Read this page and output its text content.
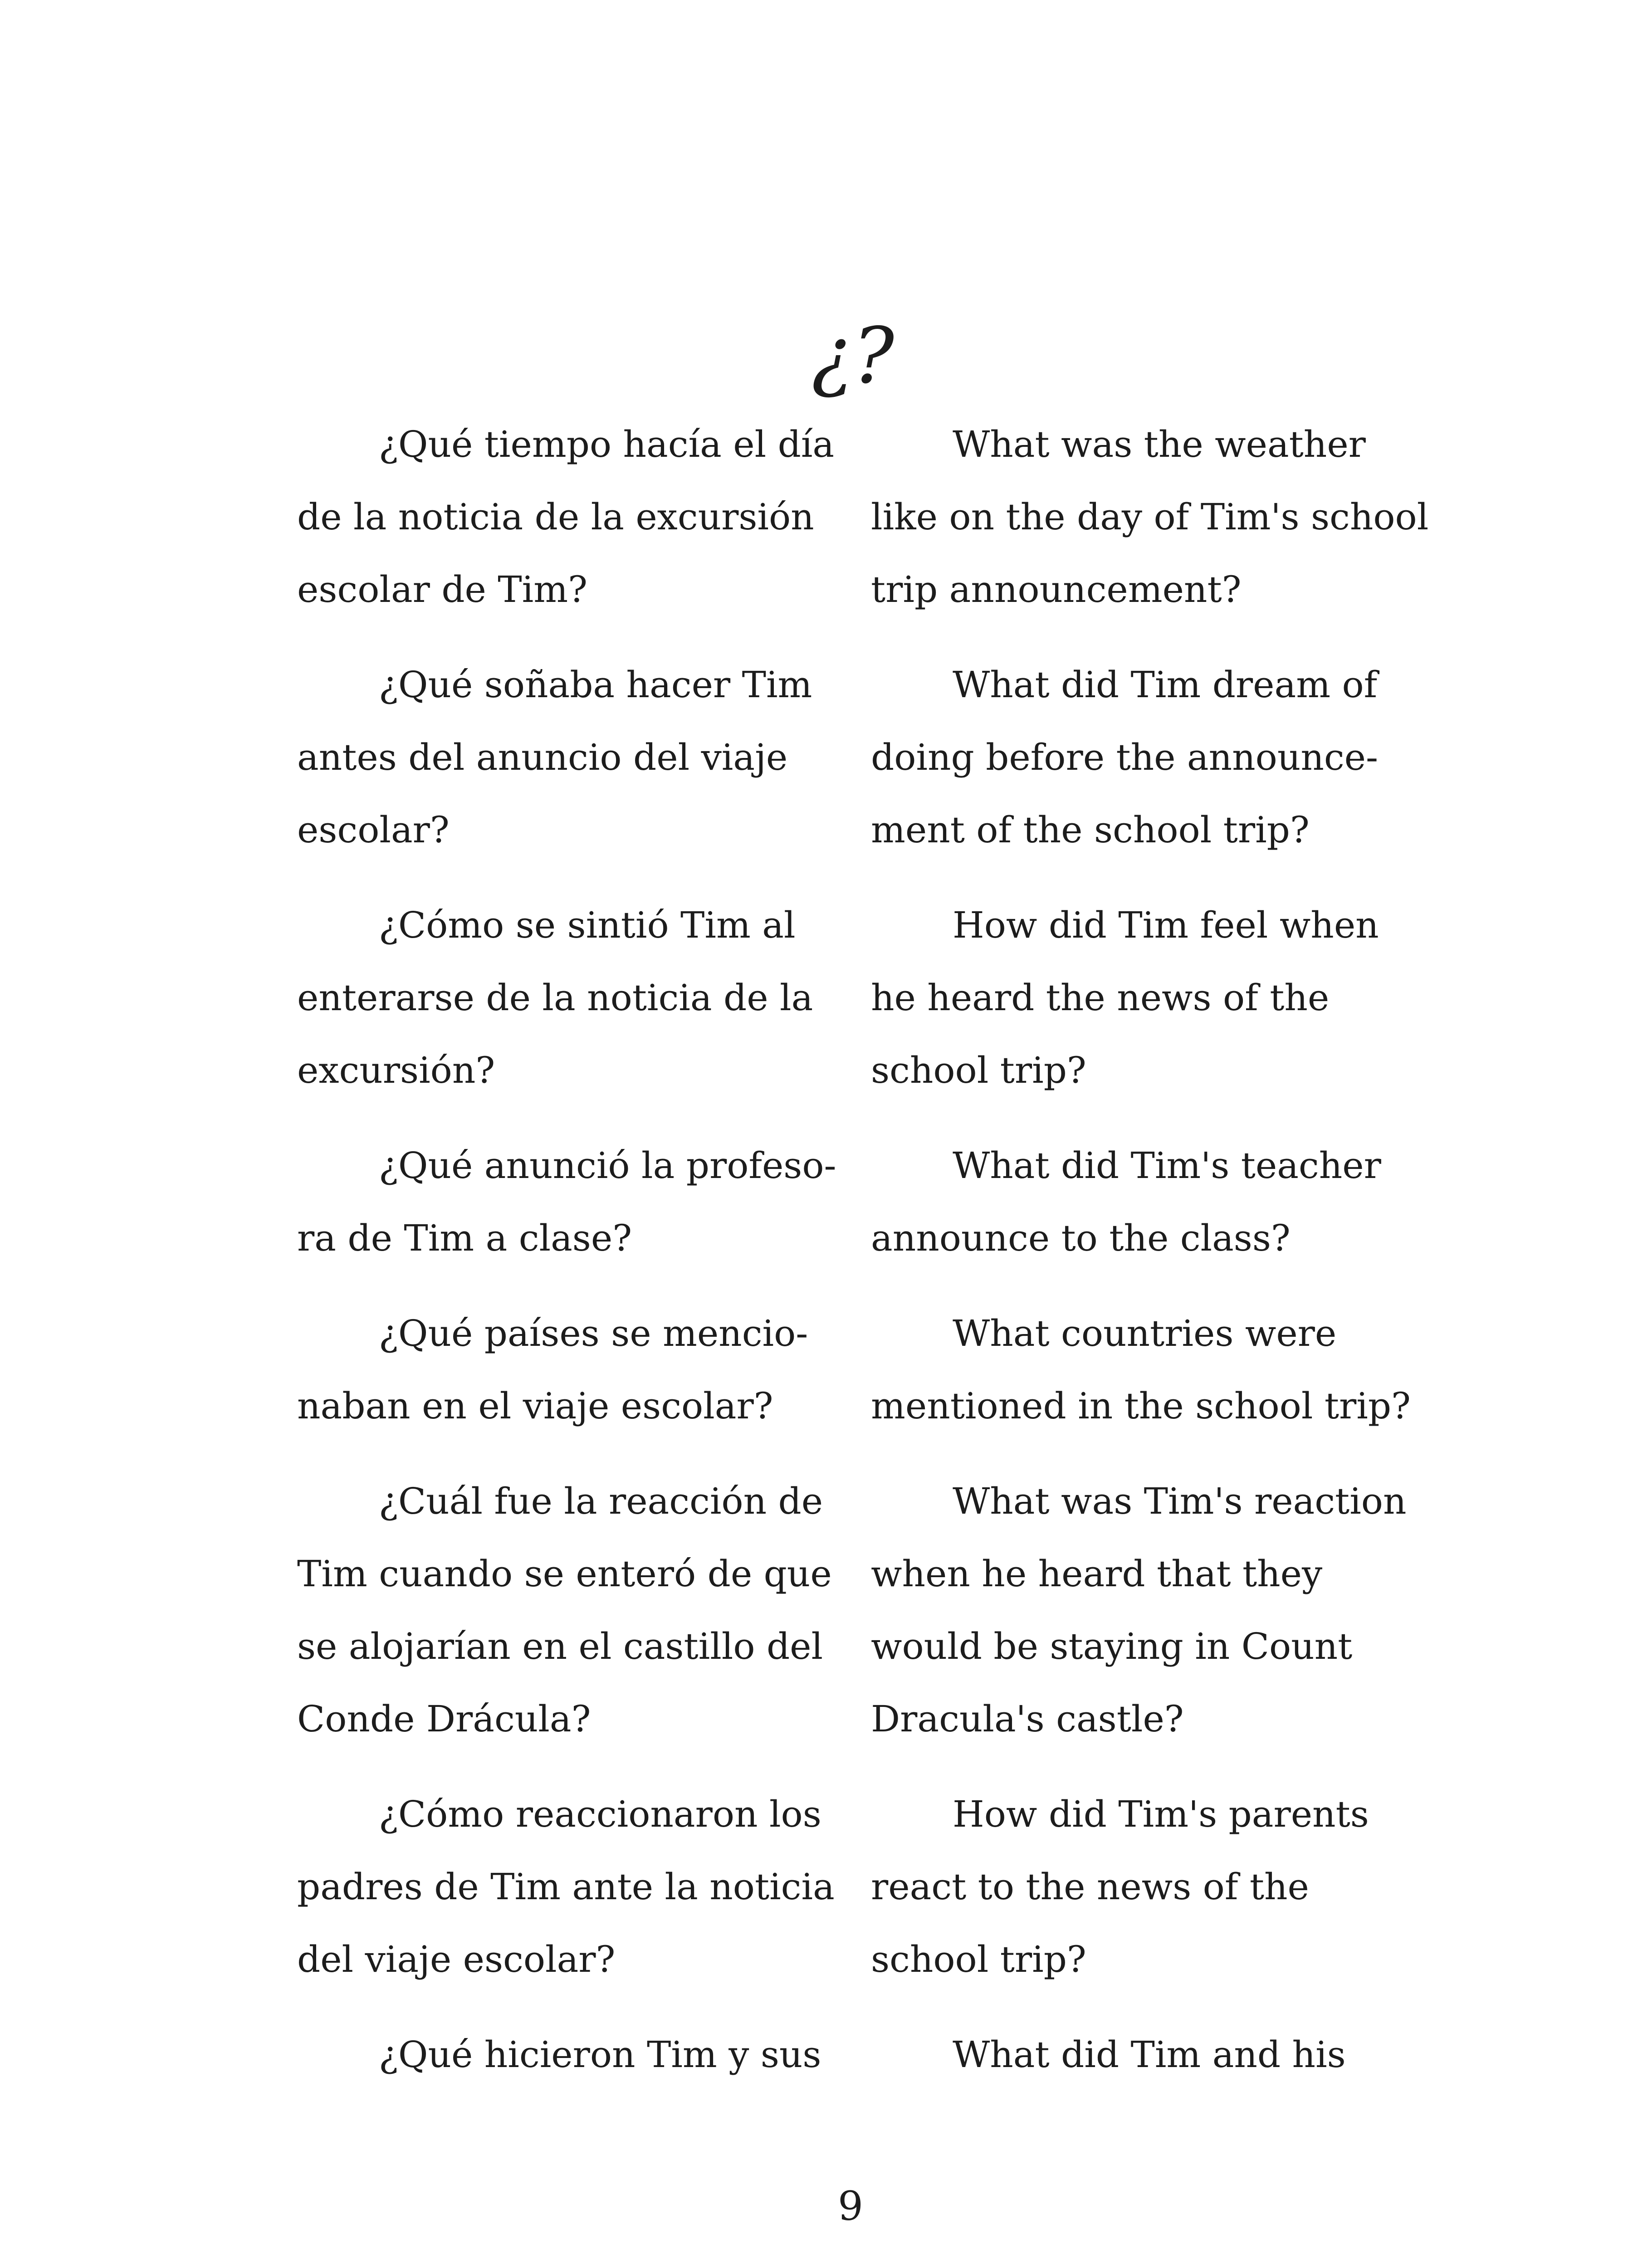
¿?
¿Qué tiempo hacía el día
de la noticia de la excursión
escolar de Tim?
¿Qué soñaba hacer Tim
antes del anuncio del viaje
escolar?
¿Cómo se sintió Tim al
enterarse de la noticia de la
excursión?
¿Qué anunció la profeso-
ra de Tim a clase?
¿Qué países se mencio-
naban en el viaje escolar?
¿Cuál fue la reacción de
Tim cuando se enteró de que
se alojarían en el castillo del
Conde Drácula?
¿Cómo reaccionaron los
padres de Tim ante la noticia
del viaje escolar?
¿Qué hicieron Tim y sus
What was the weather
like on the day of Tim's school
trip announcement?
What did Tim dream of
doing before the announce-
ment of the school trip?
How did Tim feel when
he heard the news of the
school trip?
What did Tim's teacher
announce to the class?
What countries were
mentioned in the school trip?
What was Tim's reaction
when he heard that they
would be staying in Count
Dracula's castle?
How did Tim's parents
react to the news of the
school trip?
What did Tim and his
9
